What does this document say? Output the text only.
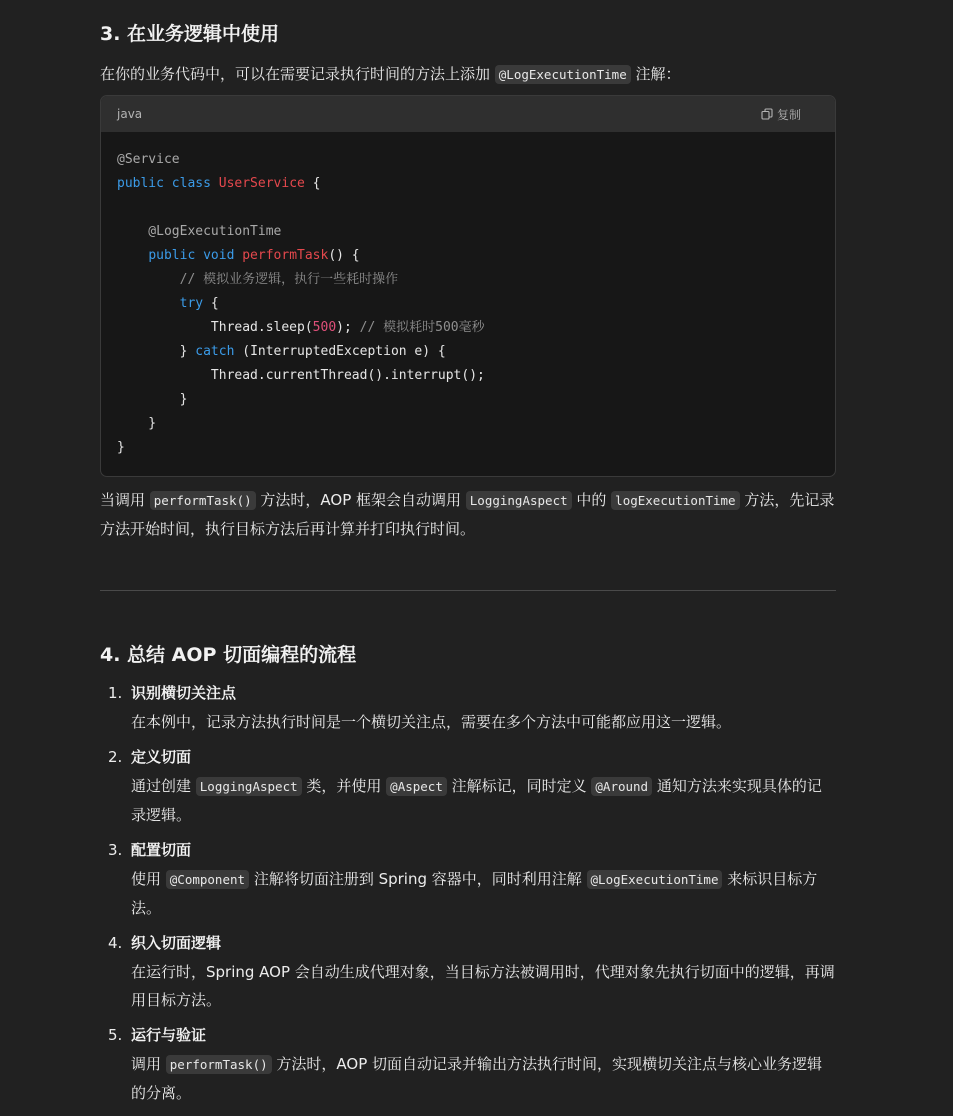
3. 在业务逻辑中使用
在你的业务代码中，可以在需要记录执行时间的方法上添加 @LogExecutionTime 注解：
java	复制
@Service
public class UserService {

@LogExecutionTime
public void performTask() {
// 模拟业务逻辑，执行一些耗时操作
try {
Thread.sleep(500); // 模拟耗时500毫秒
} catch (InterruptedException e) {
Thread.currentThread().interrupt();
}
}
}
当调用 performTask() 方法时，AOP 框架会自动调用 LoggingAspect 中的 logExecutionTime 方法，先记录方法开始时间，执行目标方法后再计算并打印执行时间。
4. 总结 AOP 切面编程的流程
1. 识别横切关注点
在本例中，记录方法执行时间是一个横切关注点，需要在多个方法中可能都应用这一逻辑。
2. 定义切面
通过创建 LoggingAspect 类，并使用 @Aspect 注解标记，同时定义 @Around 通知方法来实现具体的记录逻辑。
3. 配置切面
使用 @Component 注解将切面注册到 Spring 容器中，同时利用注解 @LogExecutionTime 来标识目标方法。
4. 织入切面逻辑
在运行时，Spring AOP 会自动生成代理对象，当目标方法被调用时，代理对象先执行切面中的逻辑，再调用目标方法。
5. 运行与验证
调用 performTask() 方法时，AOP 切面自动记录并输出方法执行时间，实现横切关注点与核心业务逻辑的分离。
